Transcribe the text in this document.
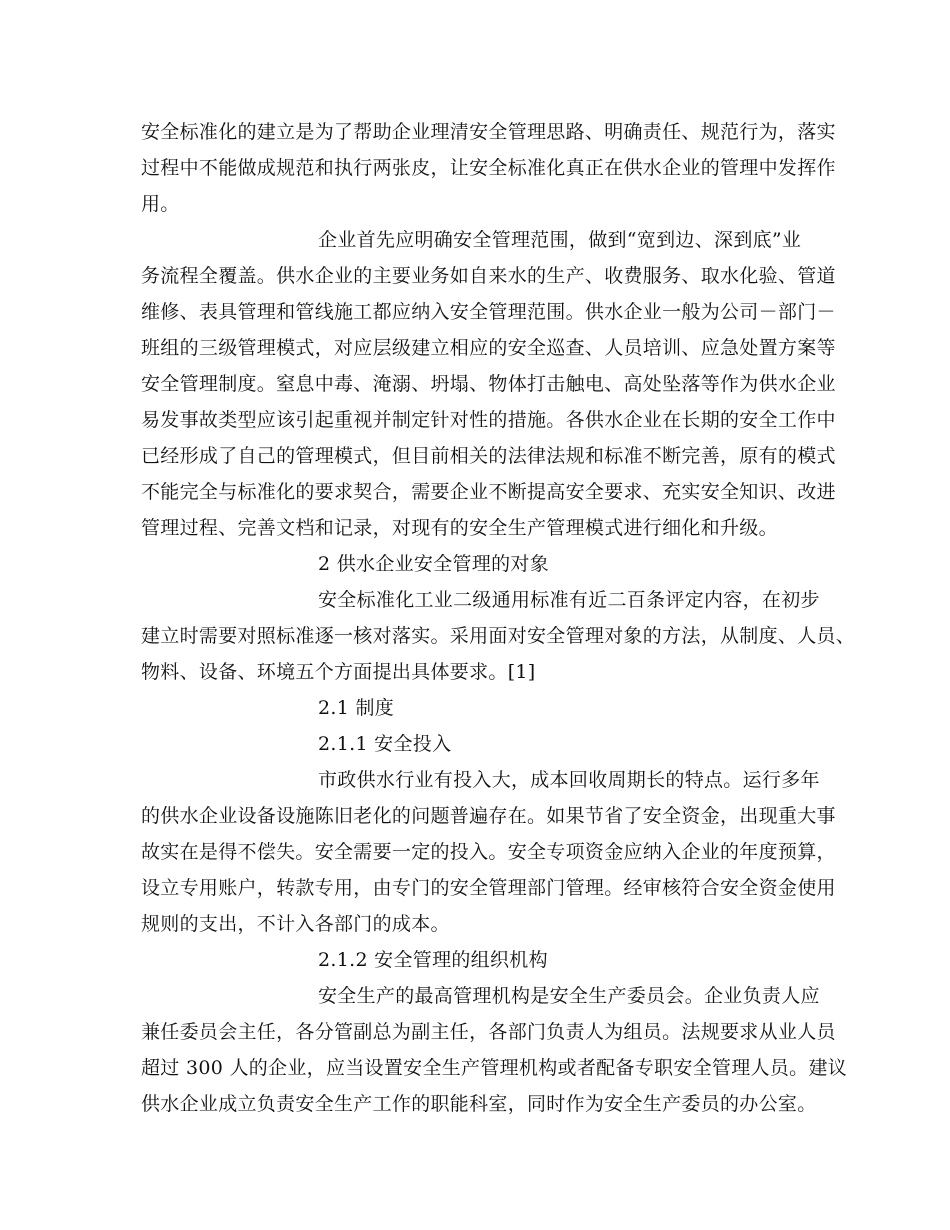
安全标准化的建立是为了帮助企业理清安全管理思路、明确责任、规范行为，落实
过程中不能做成规范和执行两张皮，让安全标准化真正在供水企业的管理中发挥作
用。
企业首先应明确安全管理范围，做到“宽到边、深到底”业
务流程全覆盖。供水企业的主要业务如自来水的生产、收费服务、取水化验、管道
维修、表具管理和管线施工都应纳入安全管理范围。供水企业一般为公司－部门－
班组的三级管理模式，对应层级建立相应的安全巡查、人员培训、应急处置方案等
安全管理制度。窒息中毒、淹溺、坍塌、物体打击触电、高处坠落等作为供水企业
易发事故类型应该引起重视并制定针对性的措施。各供水企业在长期的安全工作中
已经形成了自己的管理模式，但目前相关的法律法规和标准不断完善，原有的模式
不能完全与标准化的要求契合，需要企业不断提高安全要求、充实安全知识、改进
管理过程、完善文档和记录，对现有的安全生产管理模式进行细化和升级。
2 供水企业安全管理的对象
安全标准化工业二级通用标准有近二百条评定内容，在初步
建立时需要对照标准逐一核对落实。采用面对安全管理对象的方法，从制度、人员、
物料、设备、环境五个方面提出具体要求。[1]
2.1 制度
2.1.1 安全投入
市政供水行业有投入大，成本回收周期长的特点。运行多年
的供水企业设备设施陈旧老化的问题普遍存在。如果节省了安全资金，出现重大事
故实在是得不偿失。安全需要一定的投入。安全专项资金应纳入企业的年度预算，
设立专用账户，转款专用，由专门的安全管理部门管理。经审核符合安全资金使用
规则的支出，不计入各部门的成本。
2.1.2 安全管理的组织机构
安全生产的最高管理机构是安全生产委员会。企业负责人应
兼任委员会主任，各分管副总为副主任，各部门负责人为组员。法规要求从业人员
超过 300 人的企业，应当设置安全生产管理机构或者配备专职安全管理人员。建议
供水企业成立负责安全生产工作的职能科室，同时作为安全生产委员的办公室。
